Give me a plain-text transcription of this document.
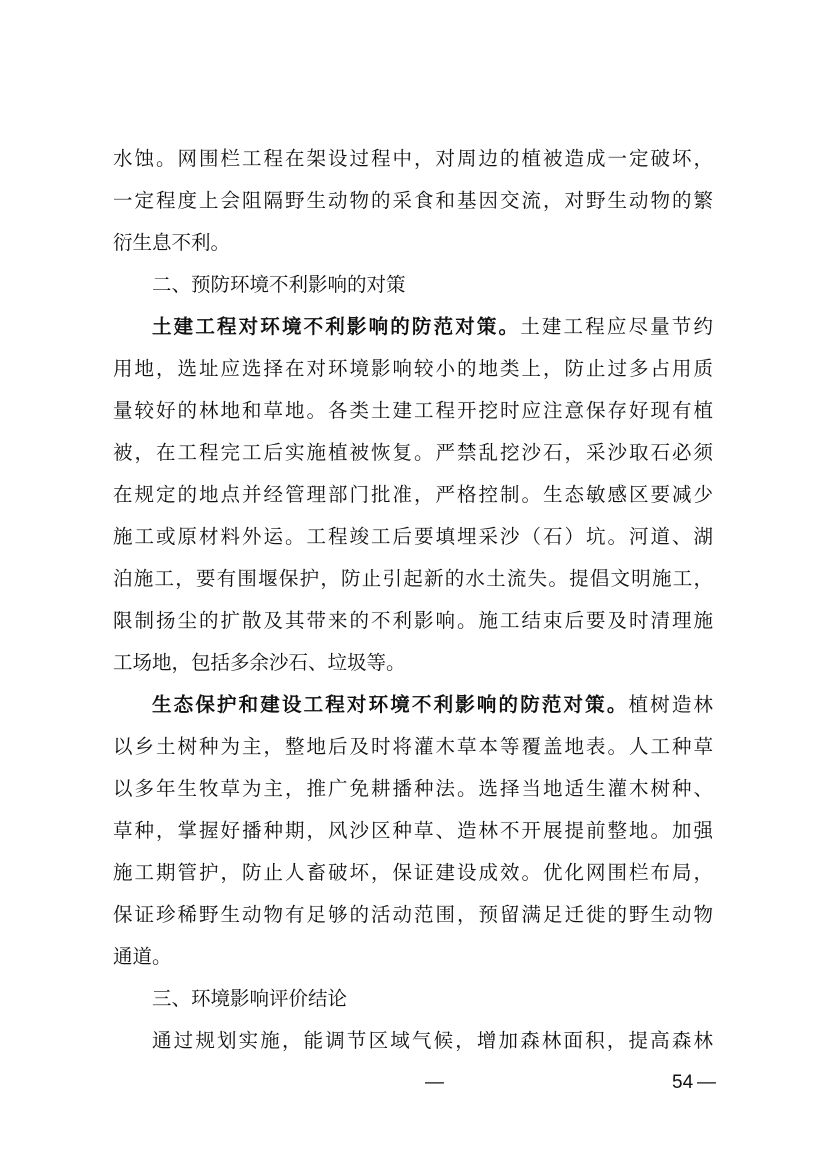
水蚀。网围栏工程在架设过程中，对周边的植被造成一定破坏，
一定程度上会阻隔野生动物的采食和基因交流，对野生动物的繁
衍生息不利。
二、预防环境不利影响的对策
土建工程对环境不利影响的防范对策。土建工程应尽量节约
用地，选址应选择在对环境影响较小的地类上，防止过多占用质
量较好的林地和草地。各类土建工程开挖时应注意保存好现有植
被，在工程完工后实施植被恢复。严禁乱挖沙石，采沙取石必须
在规定的地点并经管理部门批准，严格控制。生态敏感区要减少
施工或原材料外运。工程竣工后要填埋采沙（石）坑。河道、湖
泊施工，要有围堰保护，防止引起新的水土流失。提倡文明施工，
限制扬尘的扩散及其带来的不利影响。施工结束后要及时清理施
工场地，包括多余沙石、垃圾等。
生态保护和建设工程对环境不利影响的防范对策。植树造林
以乡土树种为主，整地后及时将灌木草本等覆盖地表。人工种草
以多年生牧草为主，推广免耕播种法。选择当地适生灌木树种、
草种，掌握好播种期，风沙区种草、造林不开展提前整地。加强
施工期管护，防止人畜破坏，保证建设成效。优化网围栏布局，
保证珍稀野生动物有足够的活动范围，预留满足迁徙的野生动物
通道。
三、环境影响评价结论
通过规划实施，能调节区域气候，增加森林面积，提高森林
—	54 —
